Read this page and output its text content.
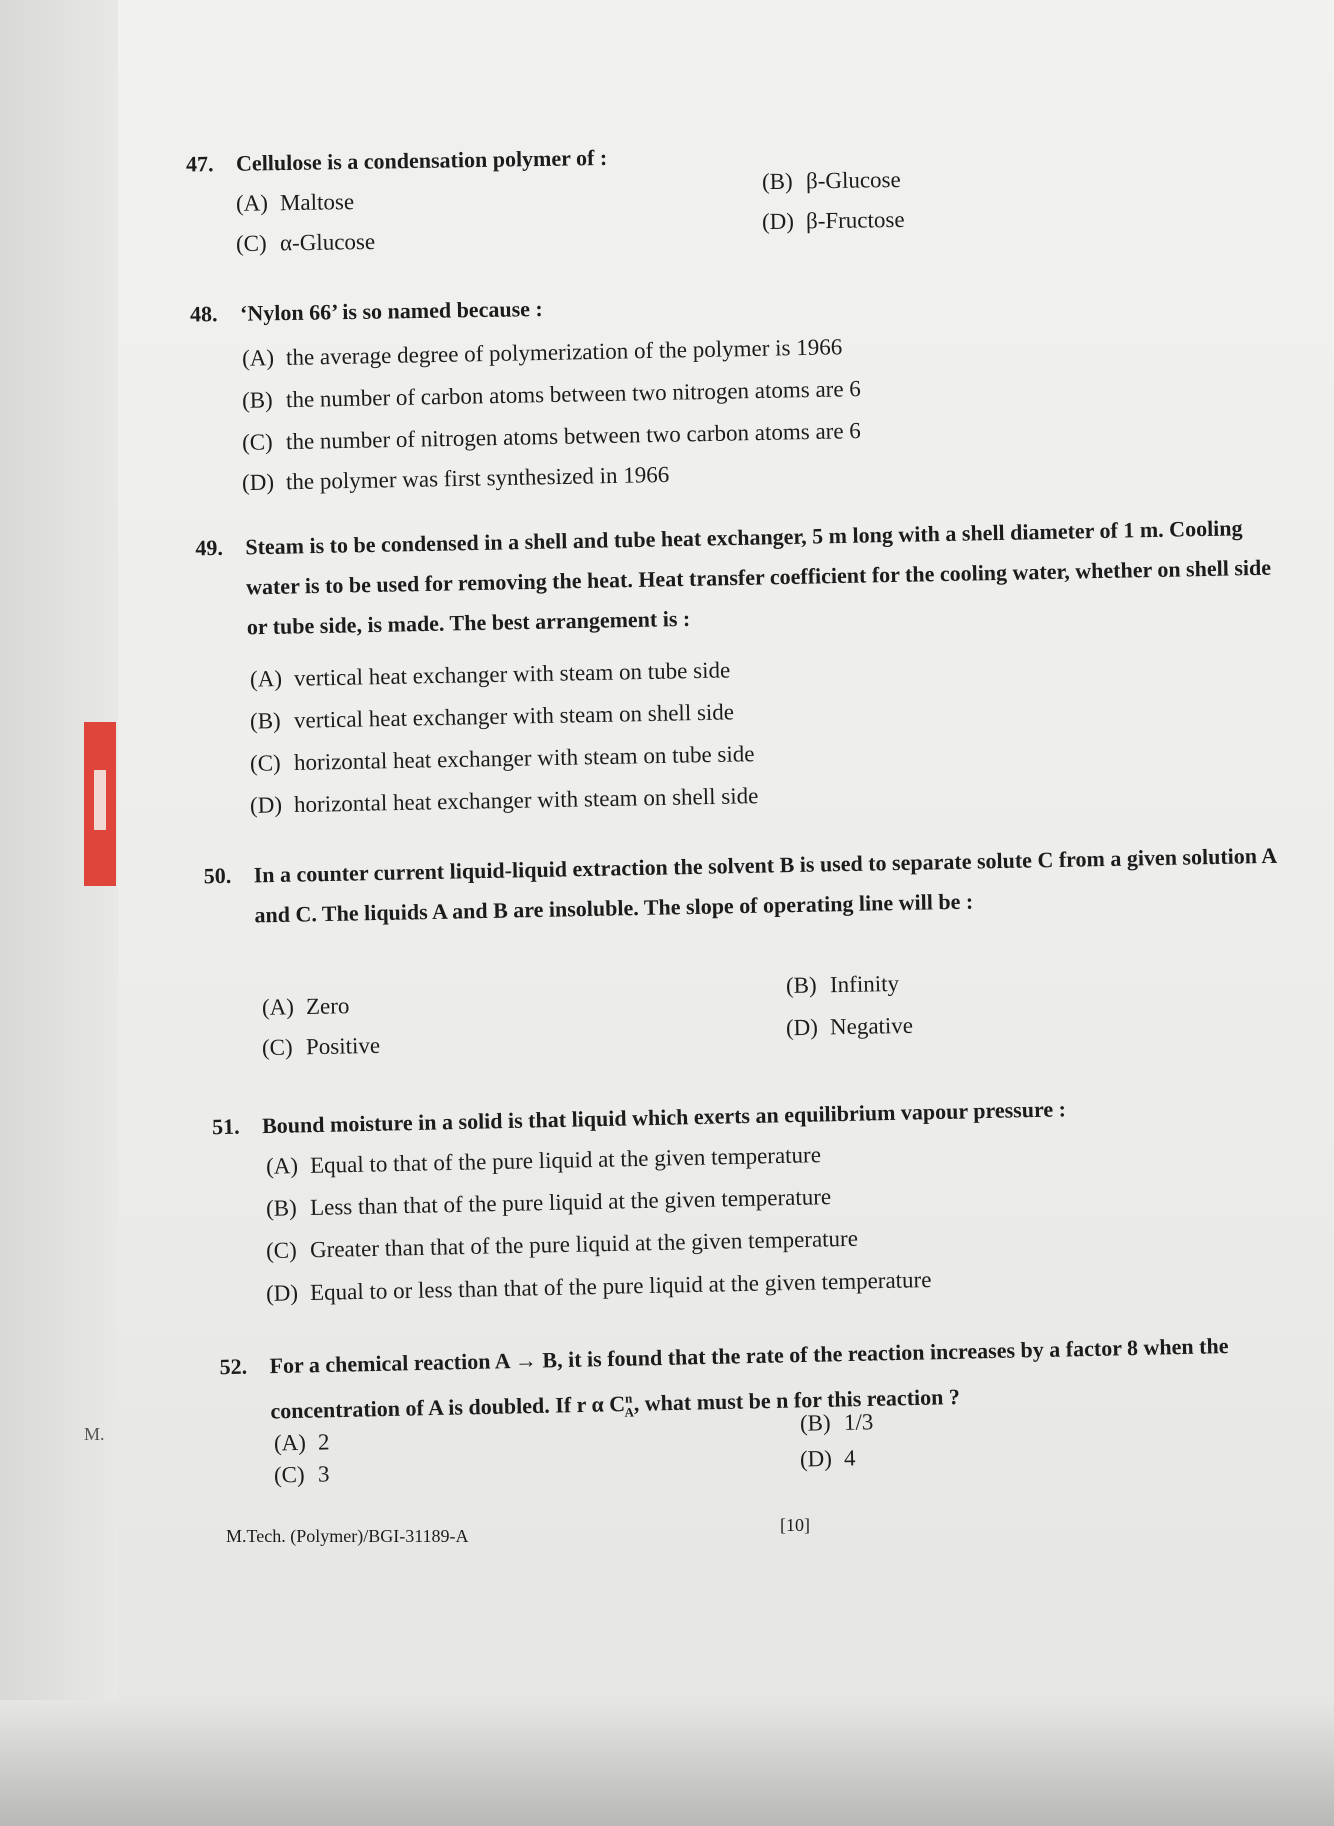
M.
47. Cellulose is a condensation polymer of :
(A) Maltose
(B) β-Glucose
(C) α-Glucose
(D) β-Fructose
48. ‘Nylon 66’ is so named because :
(A) the average degree of polymerization of the polymer is 1966
(B) the number of carbon atoms between two nitrogen atoms are 6
(C) the number of nitrogen atoms between two carbon atoms are 6
(D) the polymer was first synthesized in 1966
49. Steam is to be condensed in a shell and tube heat exchanger, 5 m long with a shell diameter of 1 m. Cooling water is to be used for removing the heat. Heat transfer coefficient for the cooling water, whether on shell side or tube side, is made. The best arrangement is :
(A) vertical heat exchanger with steam on tube side
(B) vertical heat exchanger with steam on shell side
(C) horizontal heat exchanger with steam on tube side
(D) horizontal heat exchanger with steam on shell side
50. In a counter current liquid-liquid extraction the solvent B is used to separate solute C from a given solution A and C. The liquids A and B are insoluble. The slope of operating line will be :
(A) Zero
(B) Infinity
(C) Positive
(D) Negative
51. Bound moisture in a solid is that liquid which exerts an equilibrium vapour pressure :
(A) Equal to that of the pure liquid at the given temperature
(B) Less than that of the pure liquid at the given temperature
(C) Greater than that of the pure liquid at the given temperature
(D) Equal to or less than that of the pure liquid at the given temperature
52. For a chemical reaction A → B, it is found that the rate of the reaction increases by a factor 8 when the concentration of A is doubled. If r α $C^n_A$, what must be n for this reaction ?
(A) 2
(B) 1/3
(C) 3
(D) 4
M.Tech. (Polymer)/BGI-31189-A
[10]
